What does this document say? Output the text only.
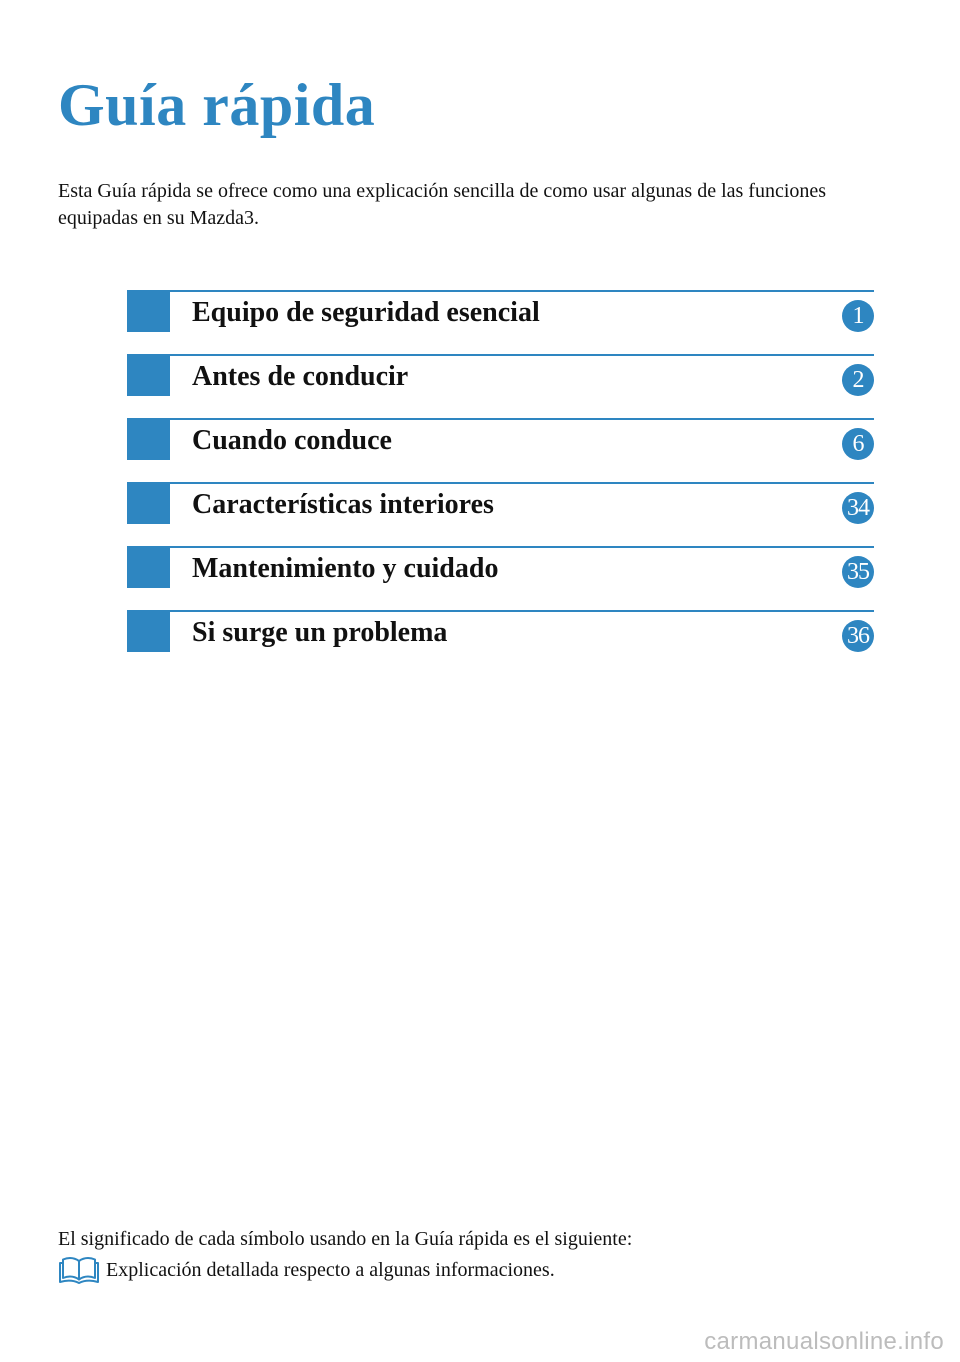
Guía rápida

Esta Guía rápida se ofrece como una explicación sencilla de como usar algunas de las funciones equipadas en su Mazda3.

Equipo de seguridad esencial	1
Antes de conducir	2
Cuando conduce	6
Características interiores	34
Mantenimiento y cuidado	35
Si surge un problema	36

El significado de cada símbolo usando en la Guía rápida es el siguiente:

Explicación detallada respecto a algunas informaciones.
carmanualsonline.info
